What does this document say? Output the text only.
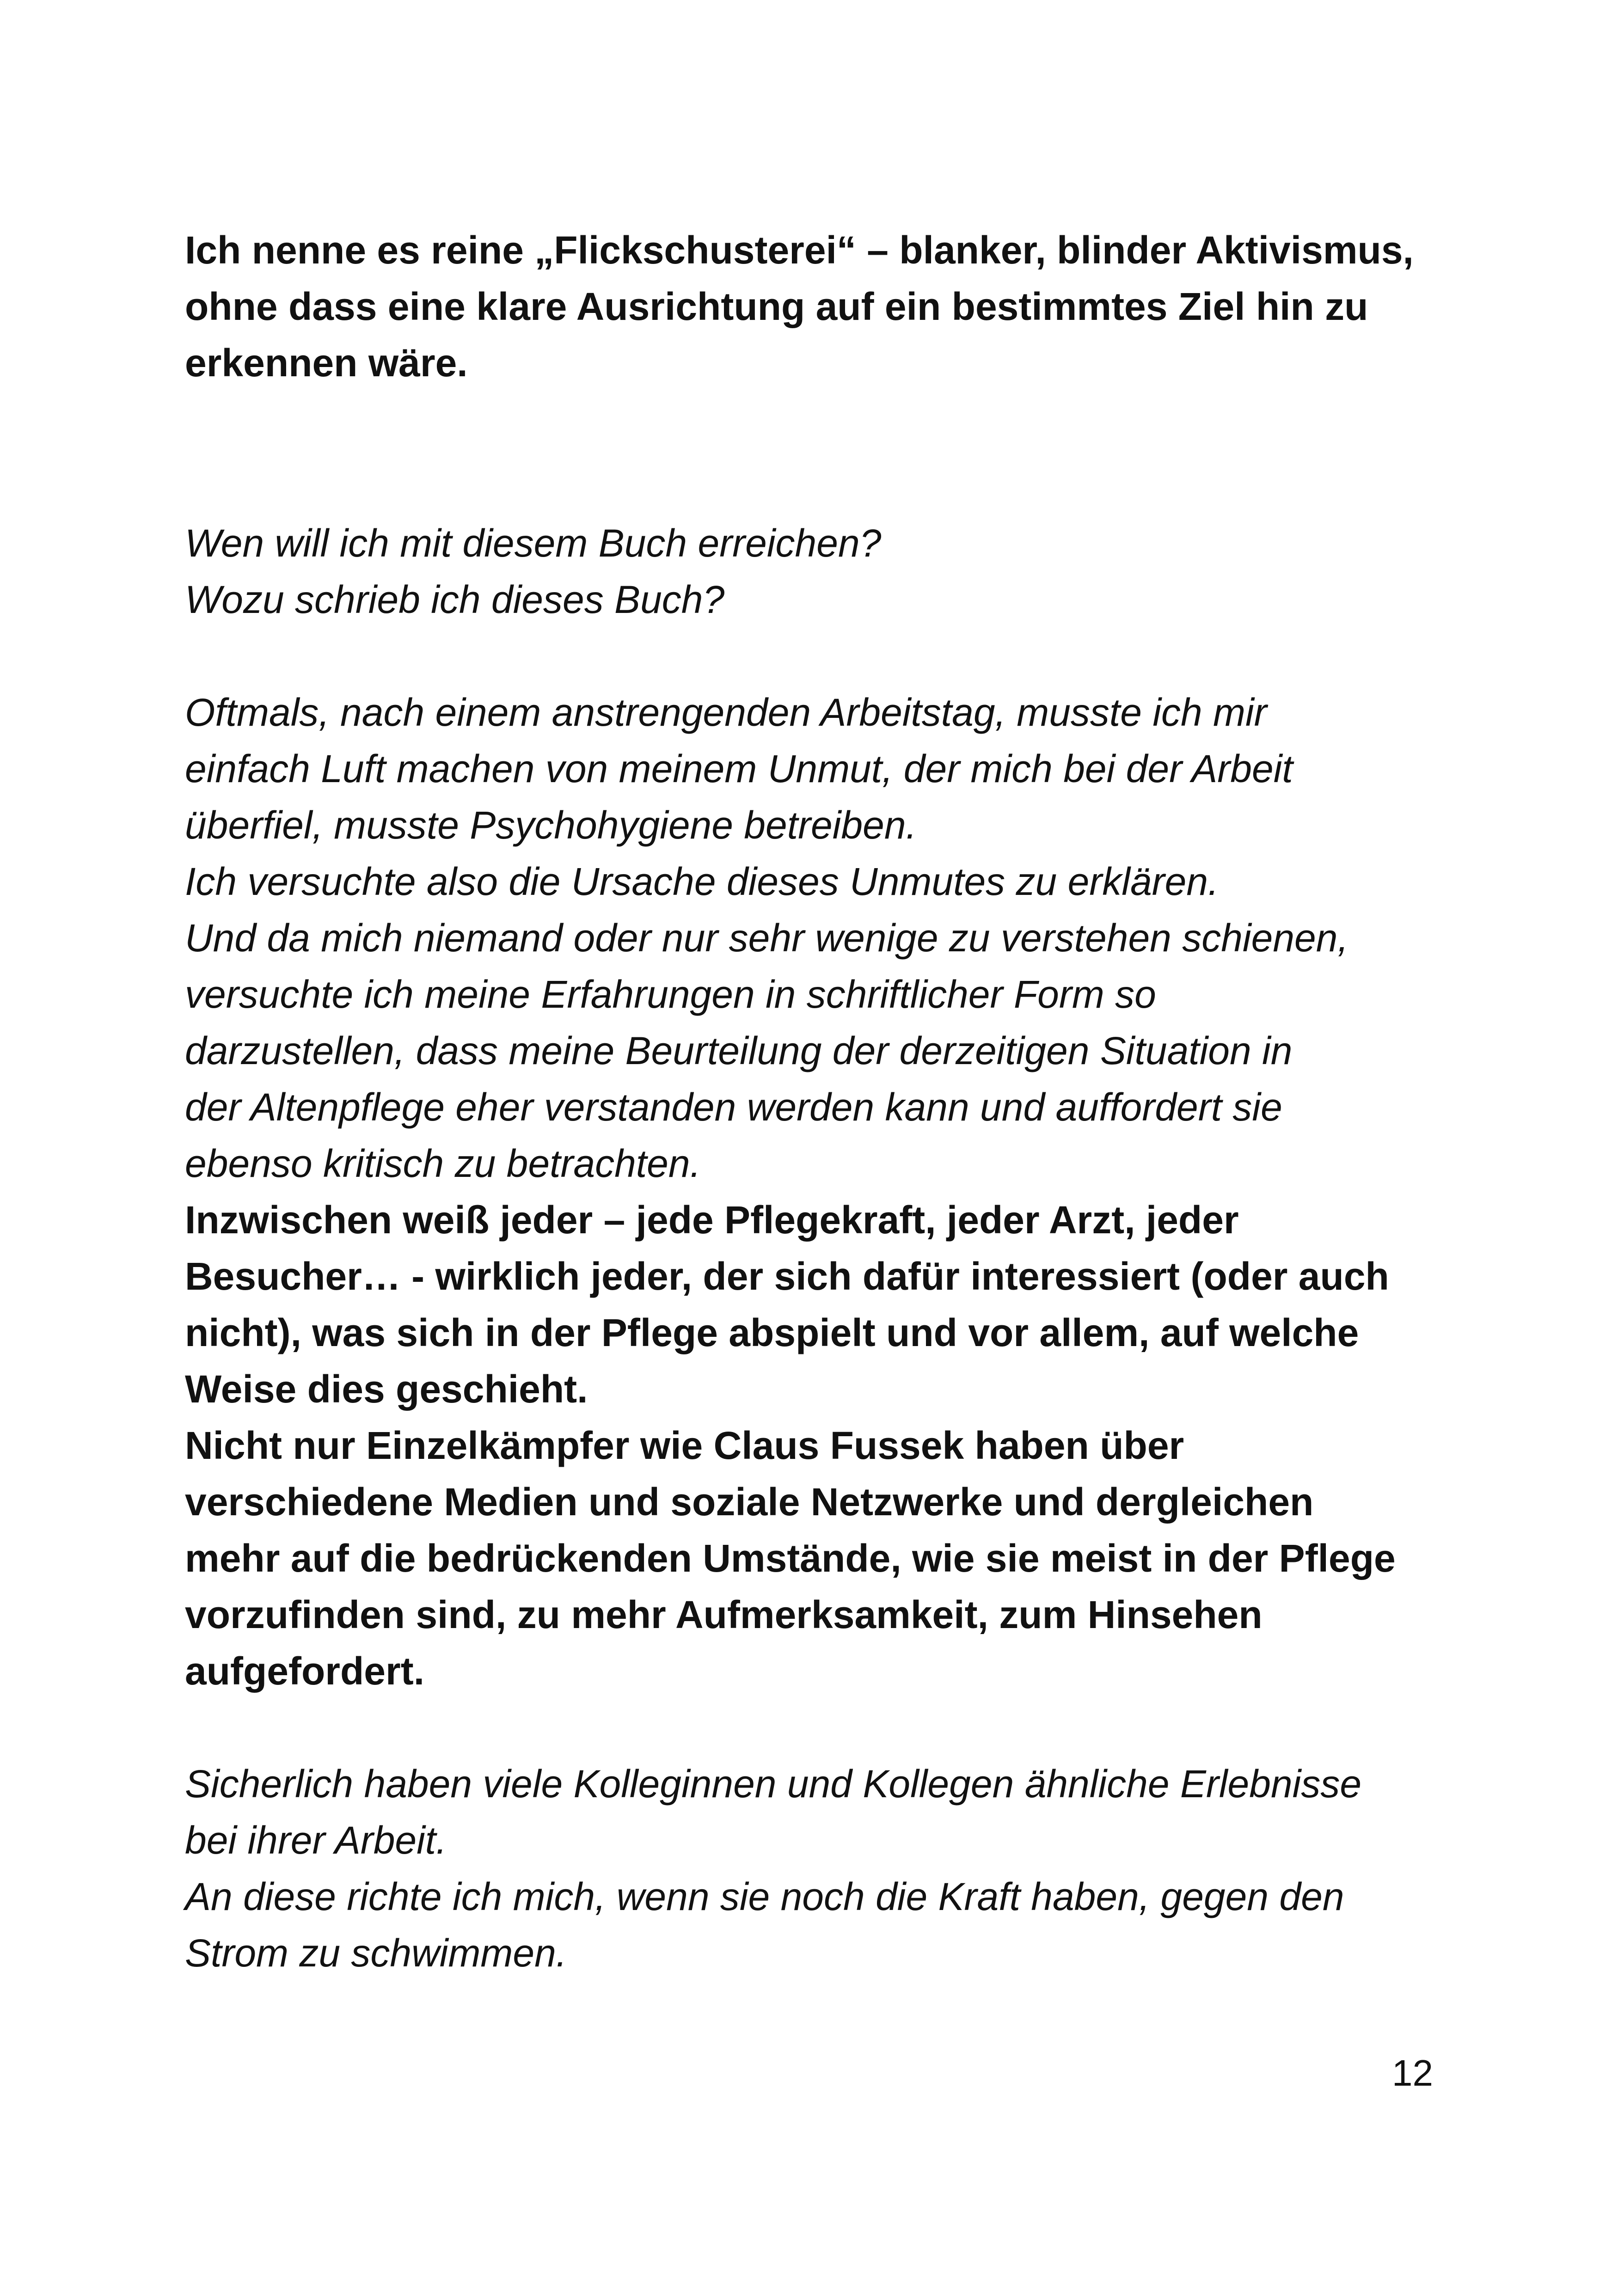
Ich nenne es reine „Flickschusterei“ – blanker, blinder Aktivismus,
ohne dass eine klare Ausrichtung auf ein bestimmtes Ziel hin zu
erkennen wäre.
Wen will ich mit diesem Buch erreichen?
Wozu schrieb ich dieses Buch?
Oftmals, nach einem anstrengenden Arbeitstag, musste ich mir
einfach Luft machen von meinem Unmut, der mich bei der Arbeit
überfiel, musste Psychohygiene betreiben.
Ich versuchte also die Ursache dieses Unmutes zu erklären.
Und da mich niemand oder nur sehr wenige zu verstehen schienen,
versuchte ich meine Erfahrungen in schriftlicher Form so
darzustellen, dass meine Beurteilung der derzeitigen Situation in
der Altenpflege eher verstanden werden kann und auffordert sie
ebenso kritisch zu betrachten.
Inzwischen weiß jeder – jede Pflegekraft, jeder Arzt, jeder
Besucher… - wirklich jeder, der sich dafür interessiert (oder auch
nicht), was sich in der Pflege abspielt und vor allem, auf welche
Weise dies geschieht.
Nicht nur Einzelkämpfer wie Claus Fussek haben über
verschiedene Medien und soziale Netzwerke und dergleichen
mehr auf die bedrückenden Umstände, wie sie meist in der Pflege
vorzufinden sind, zu mehr Aufmerksamkeit, zum Hinsehen
aufgefordert.
Sicherlich haben viele Kolleginnen und Kollegen ähnliche Erlebnisse
bei ihrer Arbeit.
An diese richte ich mich, wenn sie noch die Kraft haben, gegen den
Strom zu schwimmen.
12
